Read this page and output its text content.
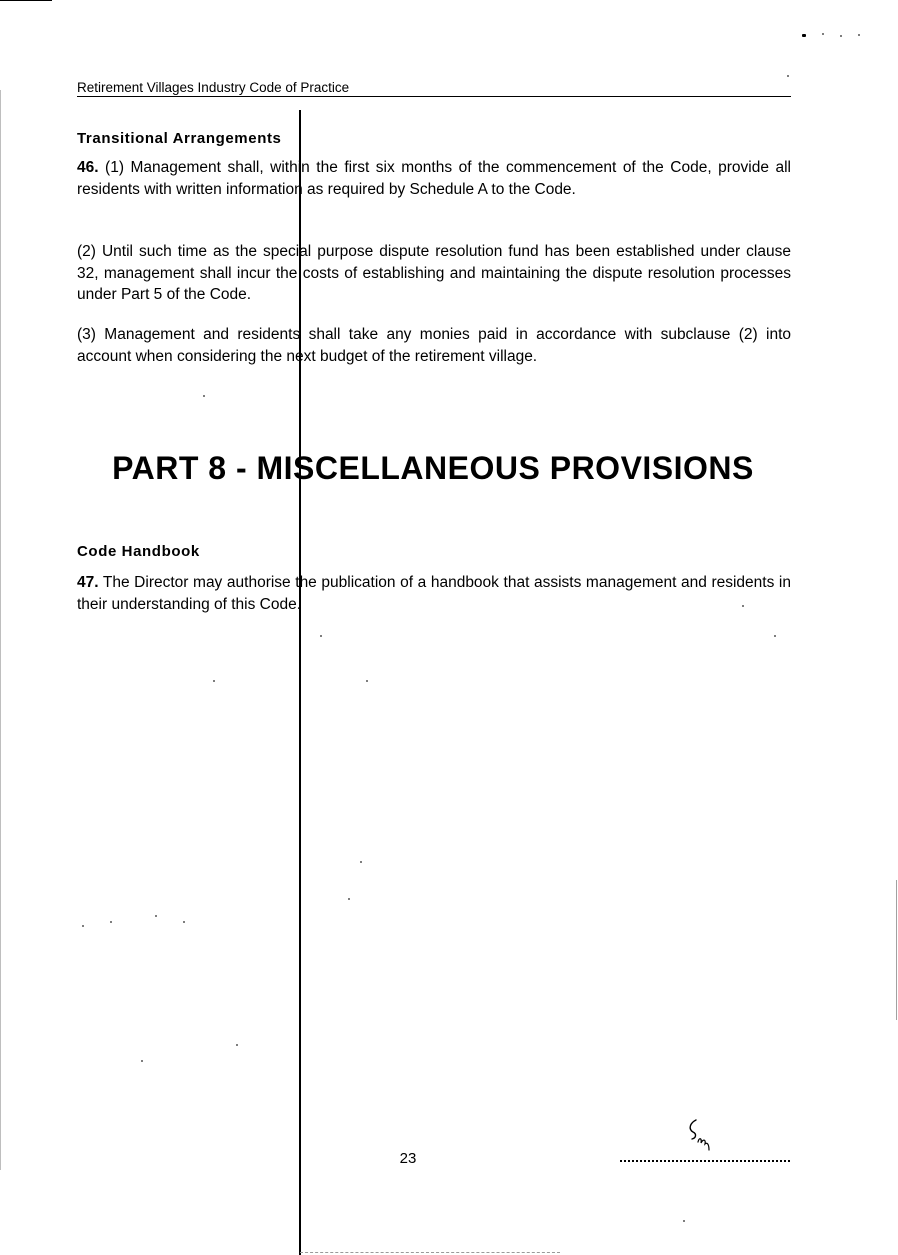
Retirement Villages Industry Code of Practice
Transitional Arrangements
46. (1) Management shall, within the first six months of the commencement of the Code, provide all residents with written information as required by Schedule A to the Code.
(2) Until such time as the special purpose dispute resolution fund has been established under clause 32, management shall incur the costs of establishing and maintaining the dispute resolution processes under Part 5 of the Code.
(3) Management and residents shall take any monies paid in accordance with subclause (2) into account when considering the next budget of the retirement village.
PART 8 - MISCELLANEOUS PROVISIONS
Code Handbook
47. The Director may authorise the publication of a handbook that assists management and residents in their understanding of this Code.
23
